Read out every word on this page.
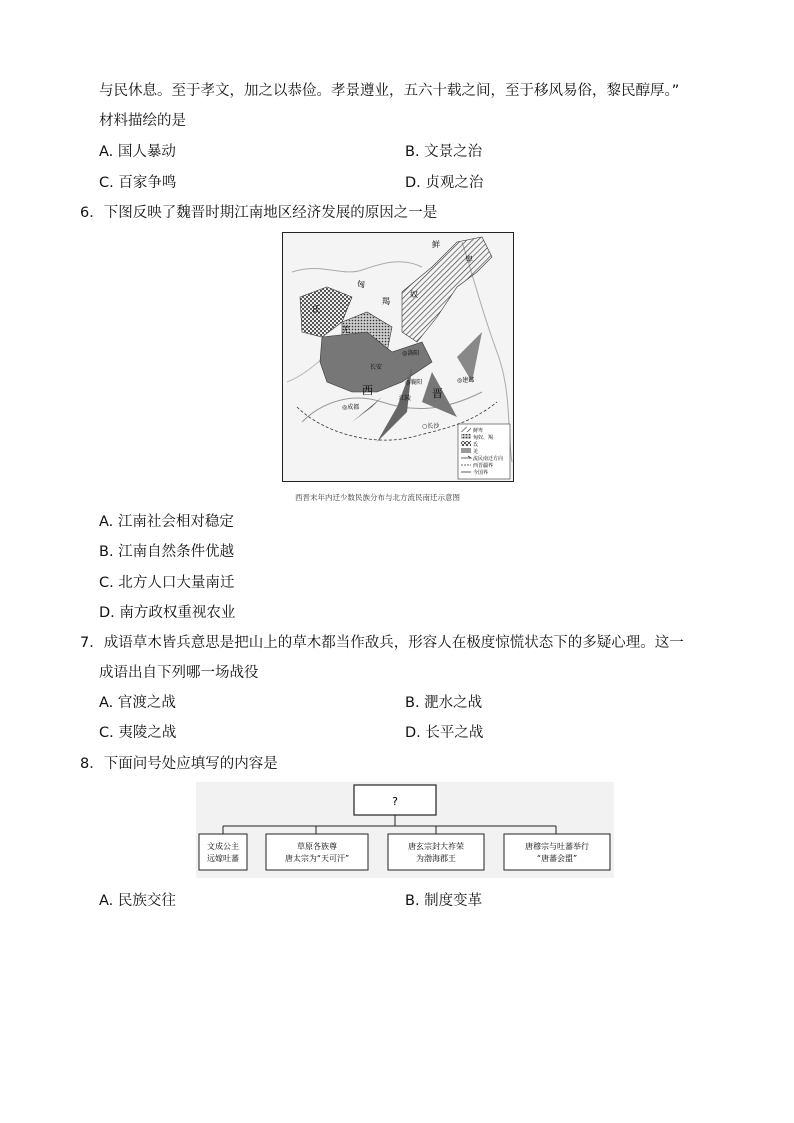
与民休息。至于孝文，加之以恭俭。孝景遵业，五六十载之间，至于移风易俗，黎民醇厚。”
材料描绘的是
A. 国人暴动	B. 文景之治
C. 百家争鸣	D. 贞观之治
6．下图反映了魏晋时期江南地区经济发展的原因之一是
鲜
卑
匈
奴
羯
氐
羌
西	晋
◎洛阳
长安
◎襄阳	◎建邺
◎成都
○长沙
江陵
鲜卑
匈奴、羯
氐
羌
流民南迁方向
西晋疆界
今国界
西晋末年内迁少数民族分布与北方流民南迁示意图
A. 江南社会相对稳定
B. 江南自然条件优越
C. 北方人口大量南迁
D. 南方政权重视农业
7．成语草木皆兵意思是把山上的草木都当作敌兵，形容人在极度惊慌状态下的多疑心理。这一
成语出自下列哪一场战役
A. 官渡之战	B. 淝水之战
C. 夷陵之战	D. 长平之战
8．下面问号处应填写的内容是
?
文成公主
远嫁吐蕃
草原各族尊
唐太宗为“天可汗”
唐玄宗封大祚荣
为渤海郡王
唐穆宗与吐蕃举行
“唐蕃会盟”
A. 民族交往	B. 制度变革
